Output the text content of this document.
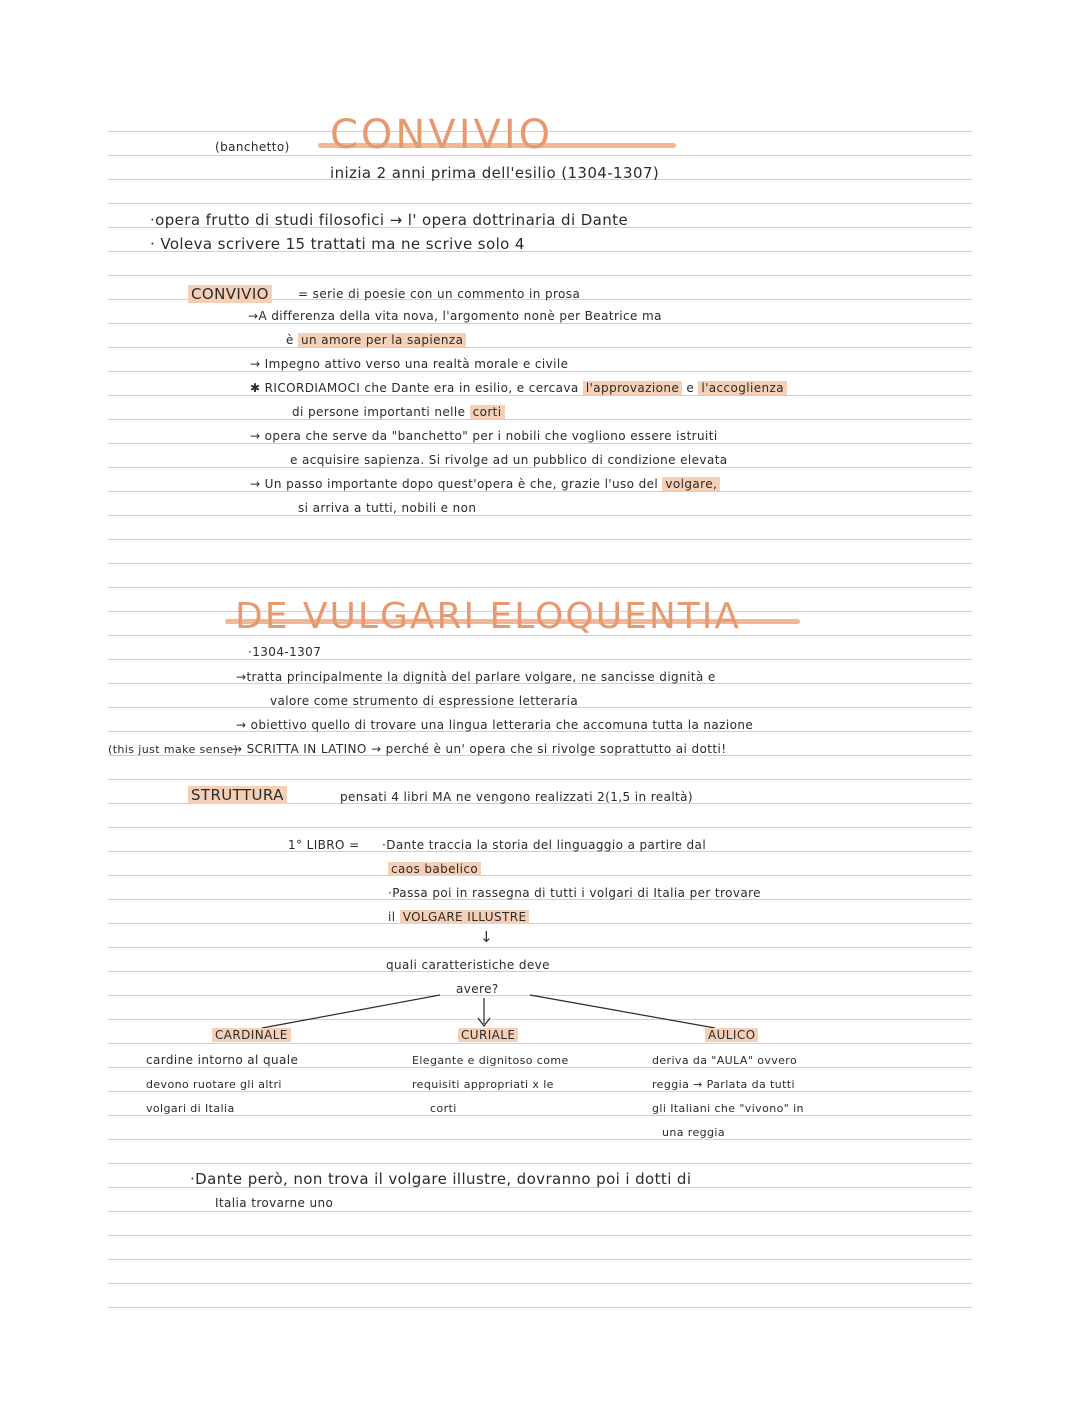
(banchetto) CONVIVIO
inizia 2 anni prima dell'esilio (1304-1307)
·opera frutto di studi filosofici → l' opera dottrinaria di Dante
· Voleva scrivere 15 trattati ma ne scrive solo 4
CONVIVIO = serie di poesie con un commento in prosa
→A differenza della vita nova, l'argomento nonè per Beatrice ma
è un amore per la sapienza
→ Impegno attivo verso una realtà morale e civile
✱ RICORDIAMOCI che Dante era in esilio, e cercava l'approvazione e l'accoglienza
di persone importanti nelle corti
→ opera che serve da "banchetto" per i nobili che vogliono essere istruiti
e acquisire sapienza. Si rivolge ad un pubblico di condizione elevata
→ Un passo importante dopo quest'opera è che, grazie l'uso del volgare,
si arriva a tutti, nobili e non
DE VULGARI ELOQUENTIA
·1304-1307
→tratta principalmente la dignità del parlare volgare, ne sancisse dignità e
valore come strumento di espressione letteraria
→ obiettivo quello di trovare una lingua letteraria che accomuna tutta la nazione
(this just make sense)
→ SCRITTA IN LATINO → perché è un' opera che si rivolge soprattutto ai dotti!
STRUTTURA	pensati 4 libri MA ne vengono realizzati 2(1,5 in realtà)
1° LIBRO = ·Dante traccia la storia del linguaggio a partire dal
caos babelico
·Passa poi in rassegna di tutti i volgari di Italia per trovare
il VOLGARE ILLUSTRE
↓
quali caratteristiche deve
avere?
CARDINALE
cardine intorno al quale
devono ruotare gli altri
volgari di Italia
CURIALE
Elegante e dignitoso come
requisiti appropriati x le
corti
AULICO
deriva da "AULA" ovvero
reggia → Parlata da tutti
gli Italiani che "vivono" in
una reggia
·Dante però, non trova il volgare illustre, dovranno poi i dotti di
Italia trovarne uno
